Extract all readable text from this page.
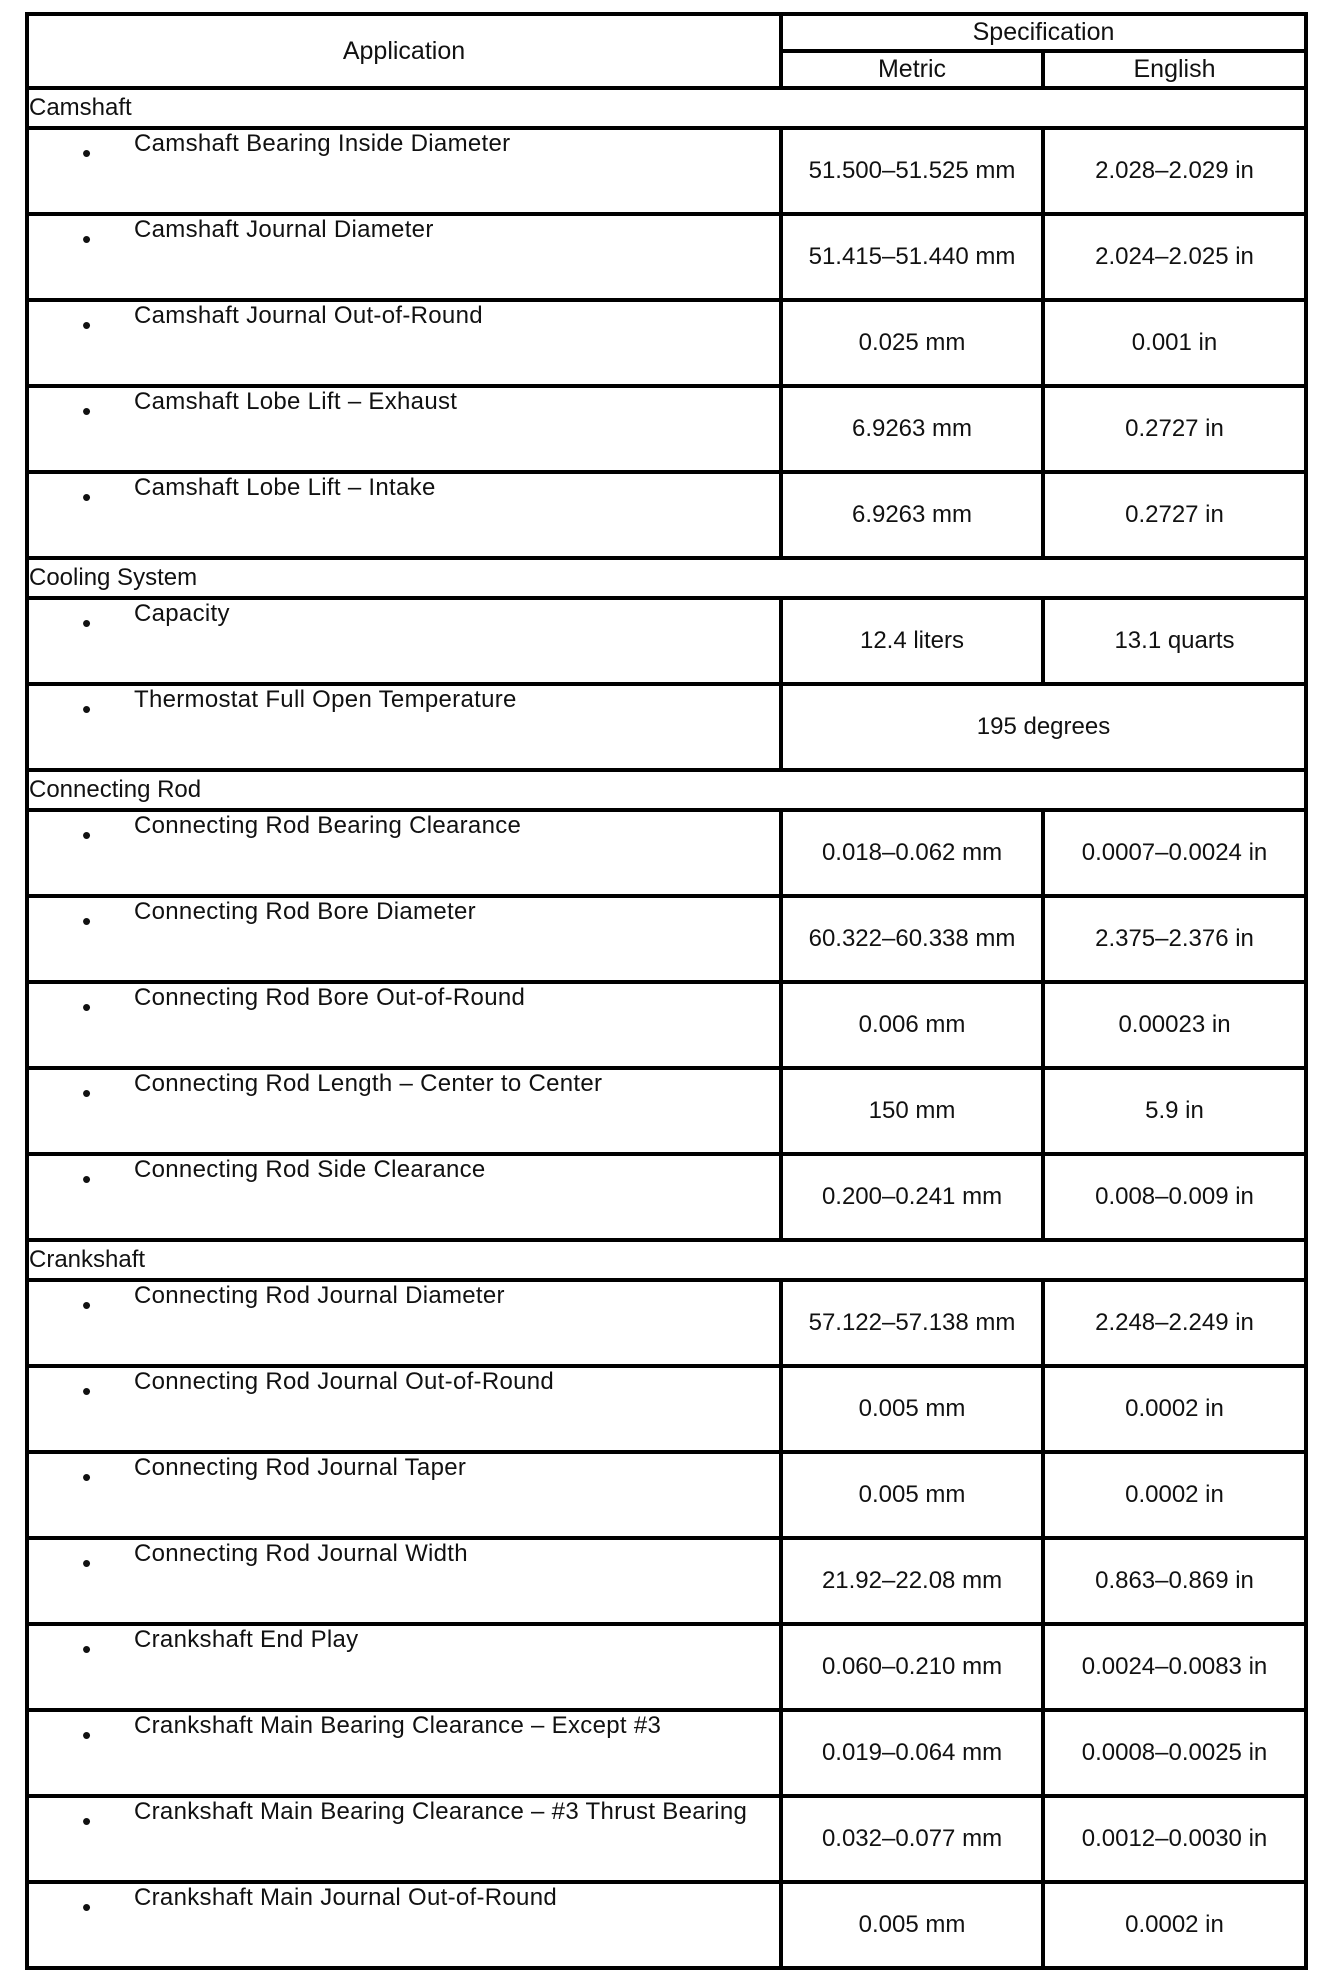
Application	Specification	
	Metric	English
Camshaft		

• Camshaft Bearing Inside Diameter	51.500–51.525 mm	2.028–2.029 in

• Camshaft Journal Diameter	51.415–51.440 mm	2.024–2.025 in

• Camshaft Journal Out-of-Round	0.025 mm	0.001 in

• Camshaft Lobe Lift – Exhaust	6.9263 mm	0.2727 in

• Camshaft Lobe Lift – Intake	6.9263 mm	0.2727 in
Cooling System		

• Capacity	12.4 liters	13.1 quarts

• Thermostat Full Open Temperature	195 degrees	
Connecting Rod		

• Connecting Rod Bearing Clearance	0.018–0.062 mm	0.0007–0.0024 in

• Connecting Rod Bore Diameter	60.322–60.338 mm	2.375–2.376 in

• Connecting Rod Bore Out-of-Round	0.006 mm	0.00023 in

• Connecting Rod Length – Center to Center	150 mm	5.9 in

• Connecting Rod Side Clearance	0.200–0.241 mm	0.008–0.009 in
Crankshaft		

• Connecting Rod Journal Diameter	57.122–57.138 mm	2.248–2.249 in

• Connecting Rod Journal Out-of-Round	0.005 mm	0.0002 in

• Connecting Rod Journal Taper	0.005 mm	0.0002 in

• Connecting Rod Journal Width	21.92–22.08 mm	0.863–0.869 in

• Crankshaft End Play	0.060–0.210 mm	0.0024–0.0083 in

• Crankshaft Main Bearing Clearance – Except #3	0.019–0.064 mm	0.0008–0.0025 in

• Crankshaft Main Bearing Clearance – #3 Thrust Bearing	0.032–0.077 mm	0.0012–0.0030 in

• Crankshaft Main Journal Out-of-Round	0.005 mm	0.0002 in
